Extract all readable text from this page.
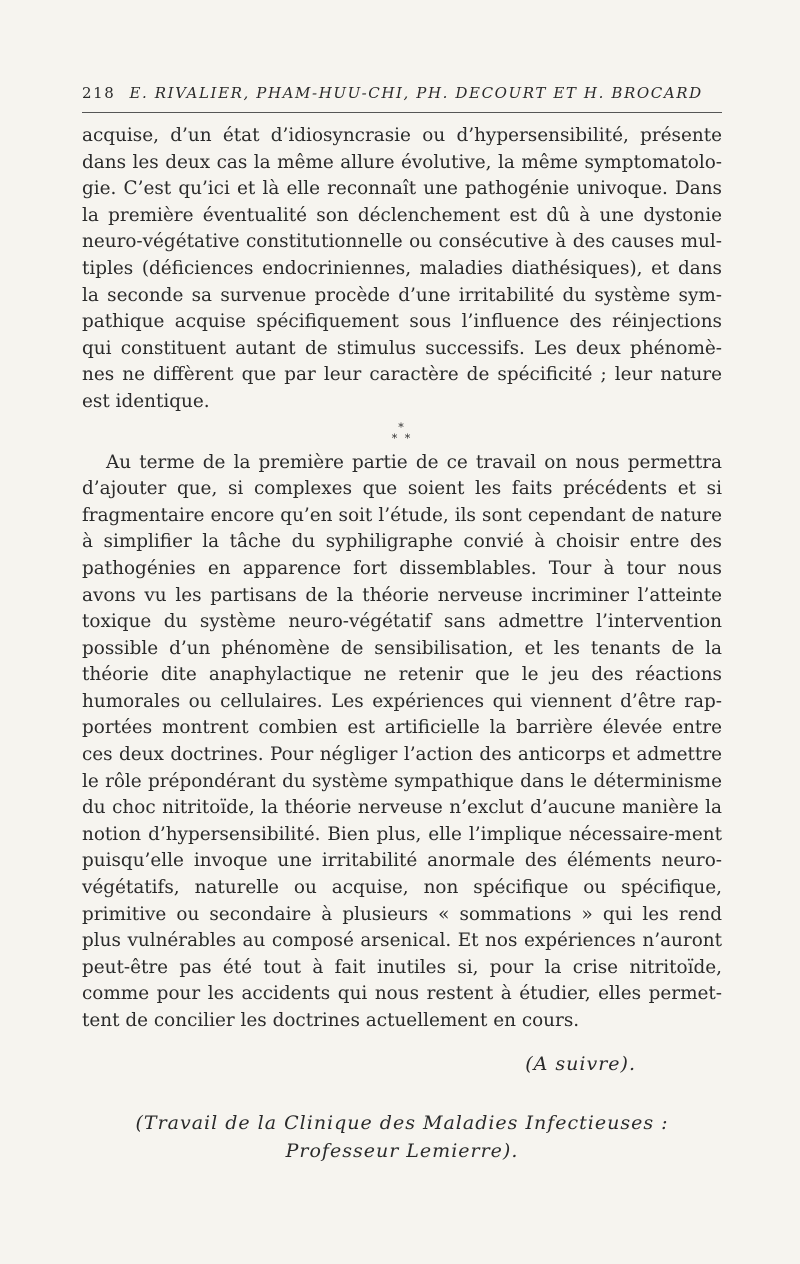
218 E. RIVALIER, PHAM-HUU-CHI, PH. DECOURT ET H. BROCARD

acquise, d’un état d’idiosyncrasie ou d’hypersensibilité, présente dans les deux cas la même allure évolutive, la même symptomatolo-gie. C’est qu’ici et là elle reconnaît une pathogénie univoque. Dans la première éventualité son déclenchement est dû à une dystonie neuro-végétative constitutionnelle ou consécutive à des causes mul-tiples (déficiences endocriniennes, maladies diathésiques), et dans la seconde sa survenue procède d’une irritabilité du système sym-pathique acquise spécifiquement sous l’influence des réinjections qui constituent autant de stimulus successifs. Les deux phénomè-nes ne diffèrent que par leur caractère de spécificité ; leur nature est identique.

*
* *

Au terme de la première partie de ce travail on nous permettra d’ajouter que, si complexes que soient les faits précédents et si fragmentaire encore qu’en soit l’étude, ils sont cependant de nature à simplifier la tâche du syphiligraphe convié à choisir entre des pathogénies en apparence fort dissemblables. Tour à tour nous avons vu les partisans de la théorie nerveuse incriminer l’atteinte toxique du système neuro-végétatif sans admettre l’intervention possible d’un phénomène de sensibilisation, et les tenants de la théorie dite anaphylactique ne retenir que le jeu des réactions humorales ou cellulaires. Les expériences qui viennent d’être rap-portées montrent combien est artificielle la barrière élevée entre ces deux doctrines. Pour négliger l’action des anticorps et admettre le rôle prépondérant du système sympathique dans le déterminisme du choc nitritoïde, la théorie nerveuse n’exclut d’aucune manière la notion d’hypersensibilité. Bien plus, elle l’implique nécessaire-ment puisqu’elle invoque une irritabilité anormale des éléments neuro-végétatifs, naturelle ou acquise, non spécifique ou spécifique, primitive ou secondaire à plusieurs « sommations » qui les rend plus vulnérables au composé arsenical. Et nos expériences n’auront peut-être pas été tout à fait inutiles si, pour la crise nitritoïde, comme pour les accidents qui nous restent à étudier, elles permet-tent de concilier les doctrines actuellement en cours.

(A suivre).
(Travail de la Clinique des Maladies Infectieuses :
Professeur Lemierre).
